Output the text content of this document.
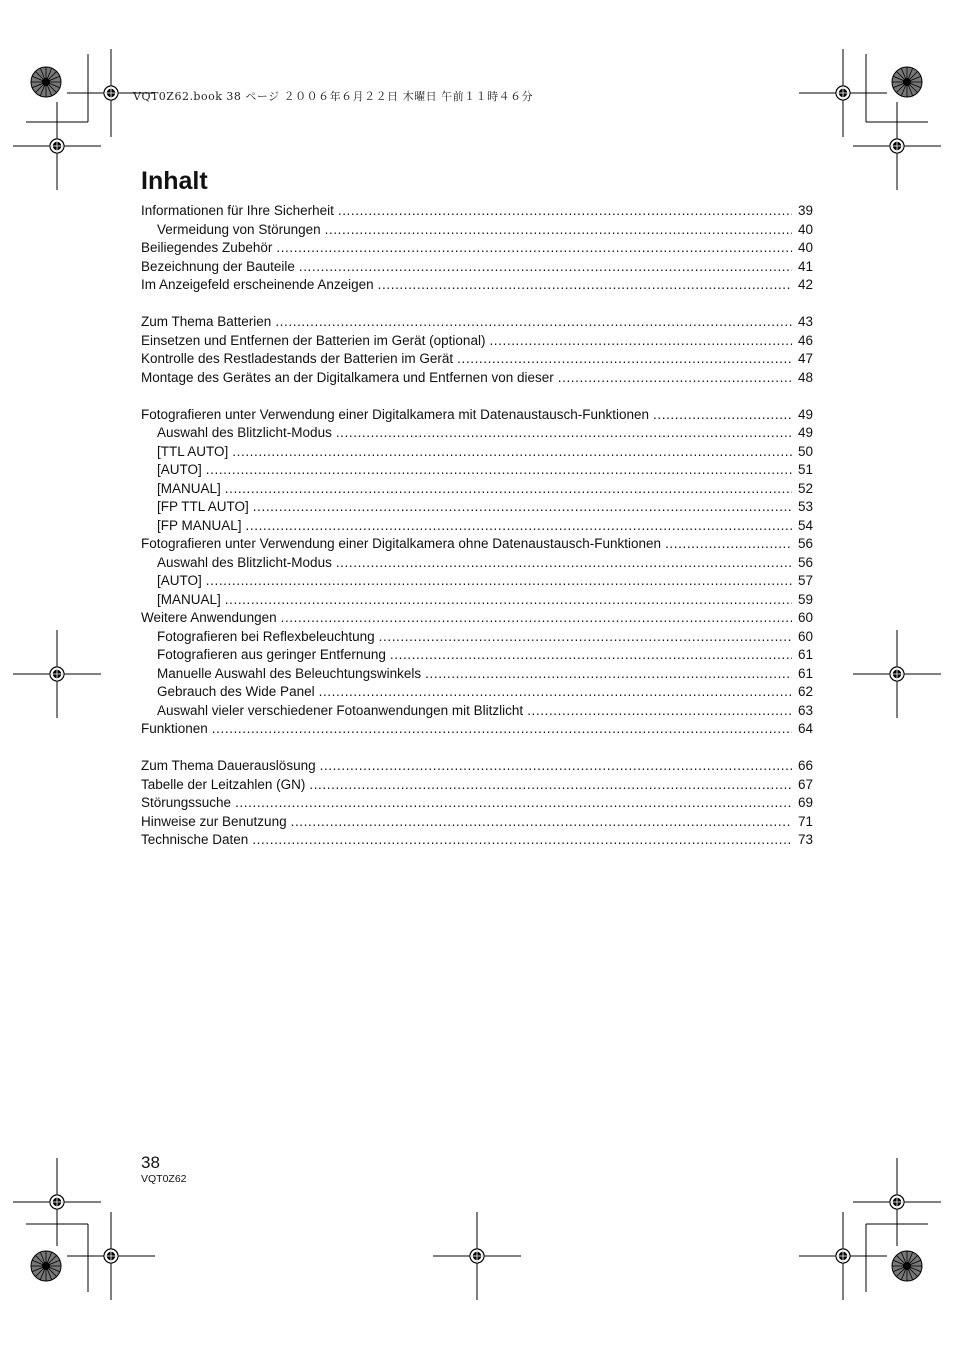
VQT0Z62.book 38 ページ ２００６年６月２２日 木曜日 午前１１時４６分
Inhalt
Informationen für Ihre Sicherheit .....	39
Vermeidung von Störungen .....	40
Beiliegendes Zubehör .....	40
Bezeichnung der Bauteile .....	41
Im Anzeigefeld erscheinende Anzeigen .....	42
Zum Thema Batterien .....	43
Einsetzen und Entfernen der Batterien im Gerät (optional) .....	46
Kontrolle des Restladestands der Batterien im Gerät .....	47
Montage des Gerätes an der Digitalkamera und Entfernen von dieser .....	48
Fotografieren unter Verwendung einer Digitalkamera mit Datenaustausch-Funktionen .....	49
Auswahl des Blitzlicht-Modus .....	49
[TTL AUTO] .....	50
[AUTO] .....	51
[MANUAL] .....	52
[FP TTL AUTO] .....	53
[FP MANUAL] .....	54
Fotografieren unter Verwendung einer Digitalkamera ohne Datenaustausch-Funktionen .....	56
Auswahl des Blitzlicht-Modus .....	56
[AUTO] .....	57
[MANUAL] .....	59
Weitere Anwendungen .....	60
Fotografieren bei Reflexbeleuchtung .....	60
Fotografieren aus geringer Entfernung .....	61
Manuelle Auswahl des Beleuchtungswinkels .....	61
Gebrauch des Wide Panel .....	62
Auswahl vieler verschiedener Fotoanwendungen mit Blitzlicht .....	63
Funktionen .....	64
Zum Thema Dauerauslösung .....	66
Tabelle der Leitzahlen (GN) .....	67
Störungssuche .....	69
Hinweise zur Benutzung .....	71
Technische Daten .....	73
38
VQT0Z62
